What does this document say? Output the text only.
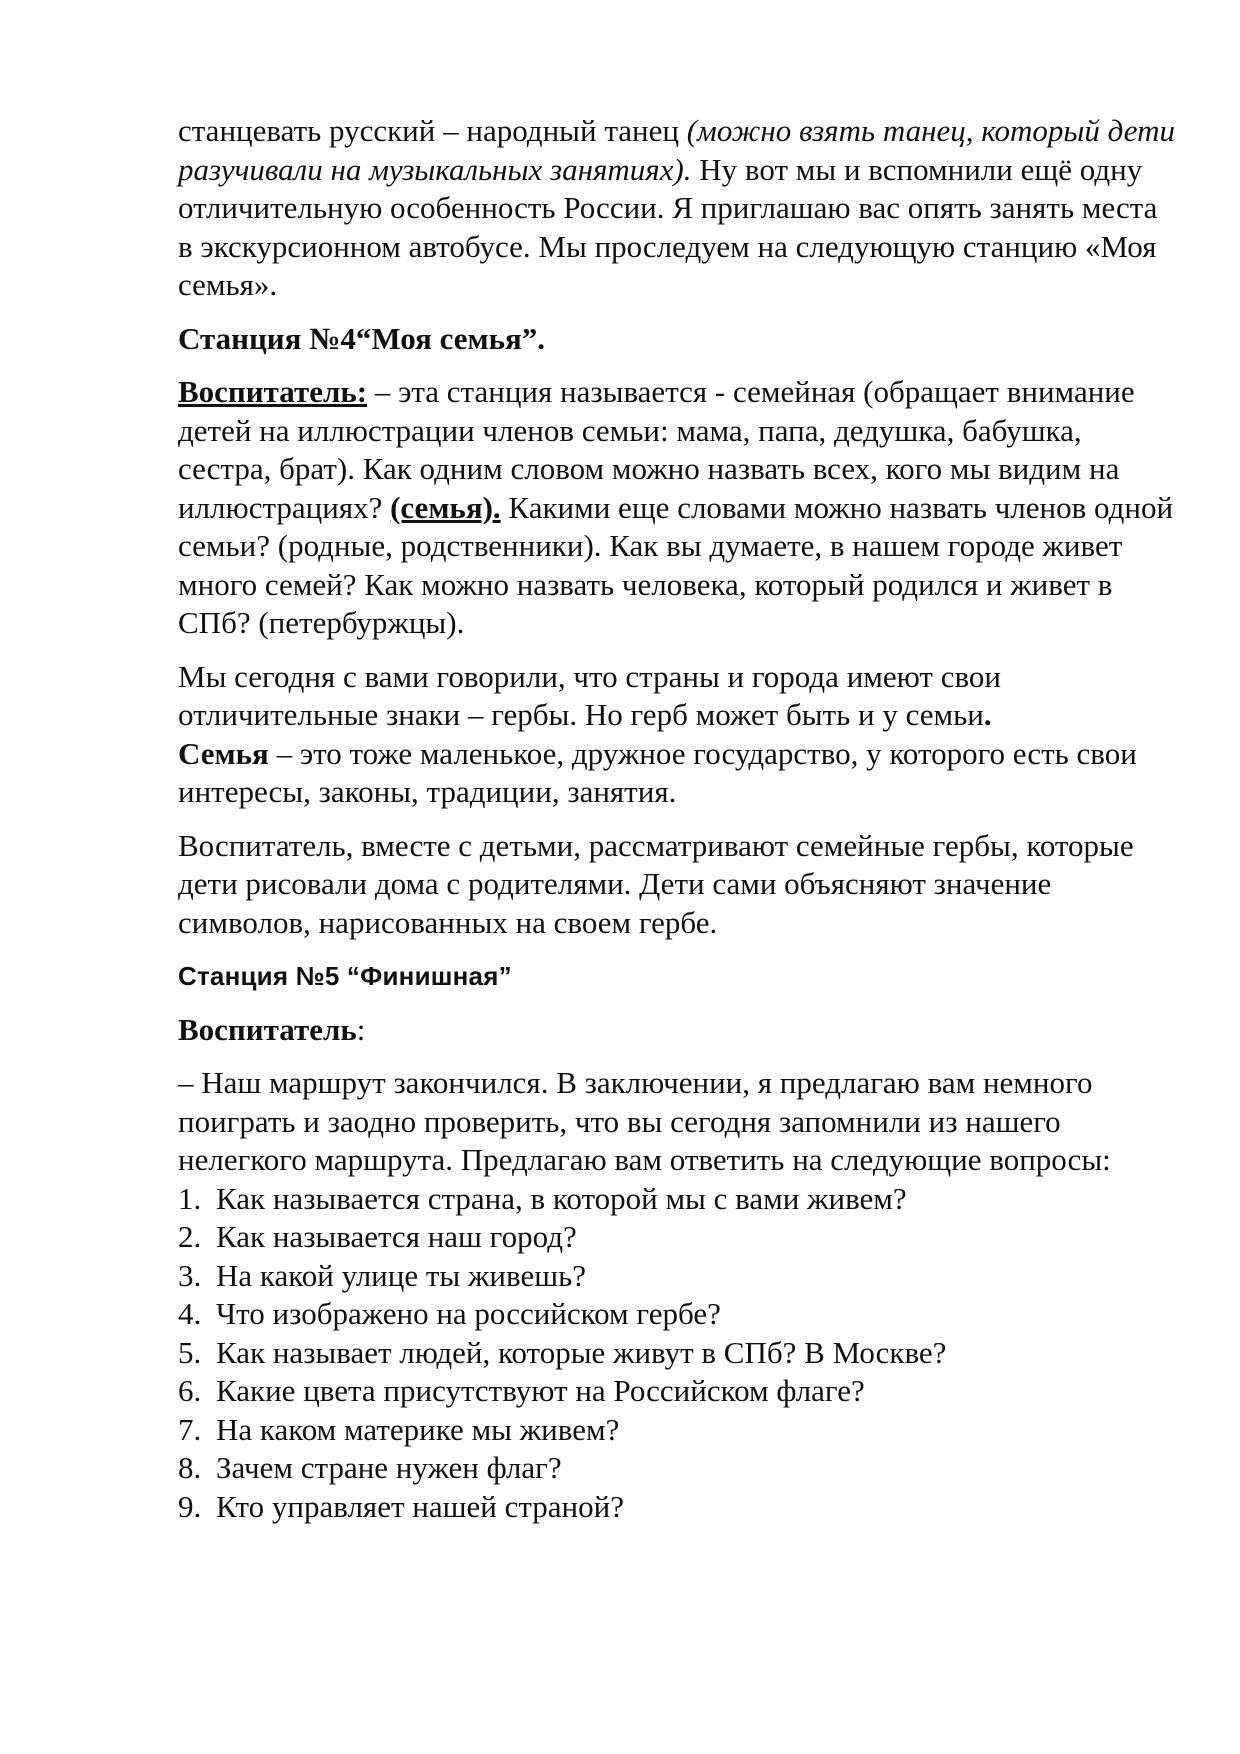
станцевать русский – народный танец (можно взять танец, который дети разучивали на музыкальных занятиях). Ну вот мы и вспомнили ещё одну отличительную особенность России. Я приглашаю вас опять занять места в экскурсионном автобусе. Мы проследуем на следующую станцию «Моя семья».

Станция №4“Моя семья”.

Воспитатель: – эта станция называется - семейная (обращает внимание детей на иллюстрации членов семьи: мама, папа, дедушка, бабушка, сестра, брат). Как одним словом можно назвать всех, кого мы видим на иллюстрациях? (семья). Какими еще словами можно назвать членов одной семьи? (родные, родственники). Как вы думаете, в нашем городе живет много семей? Как можно назвать человека, который родился и живет в СПб? (петербуржцы).

Мы сегодня с вами говорили, что страны и города имеют свои отличительные знаки – гербы. Но герб может быть и у семьи.
Семья – это тоже маленькое, дружное государство, у которого есть свои интересы, законы, традиции, занятия.

Воспитатель, вместе с детьми, рассматривают семейные гербы, которые дети рисовали дома с родителями. Дети сами объясняют значение символов, нарисованных на своем гербе.

Станция №5 “Финишная”

Воспитатель:

– Наш маршрут закончился. В заключении, я предлагаю вам немного поиграть и заодно проверить, что вы сегодня запомнили из нашего нелегкого маршрута. Предлагаю вам ответить на следующие вопросы:

1. Как называется страна, в которой мы с вами живем?
2. Как называется наш город?
3. На какой улице ты живешь?
4. Что изображено на российском гербе?
5. Как называет людей, которые живут в СПб? В Москве?
6. Какие цвета присутствуют на Российском флаге?
7. На каком материке мы живем?
8. Зачем стране нужен флаг?
9. Кто управляет нашей страной?
